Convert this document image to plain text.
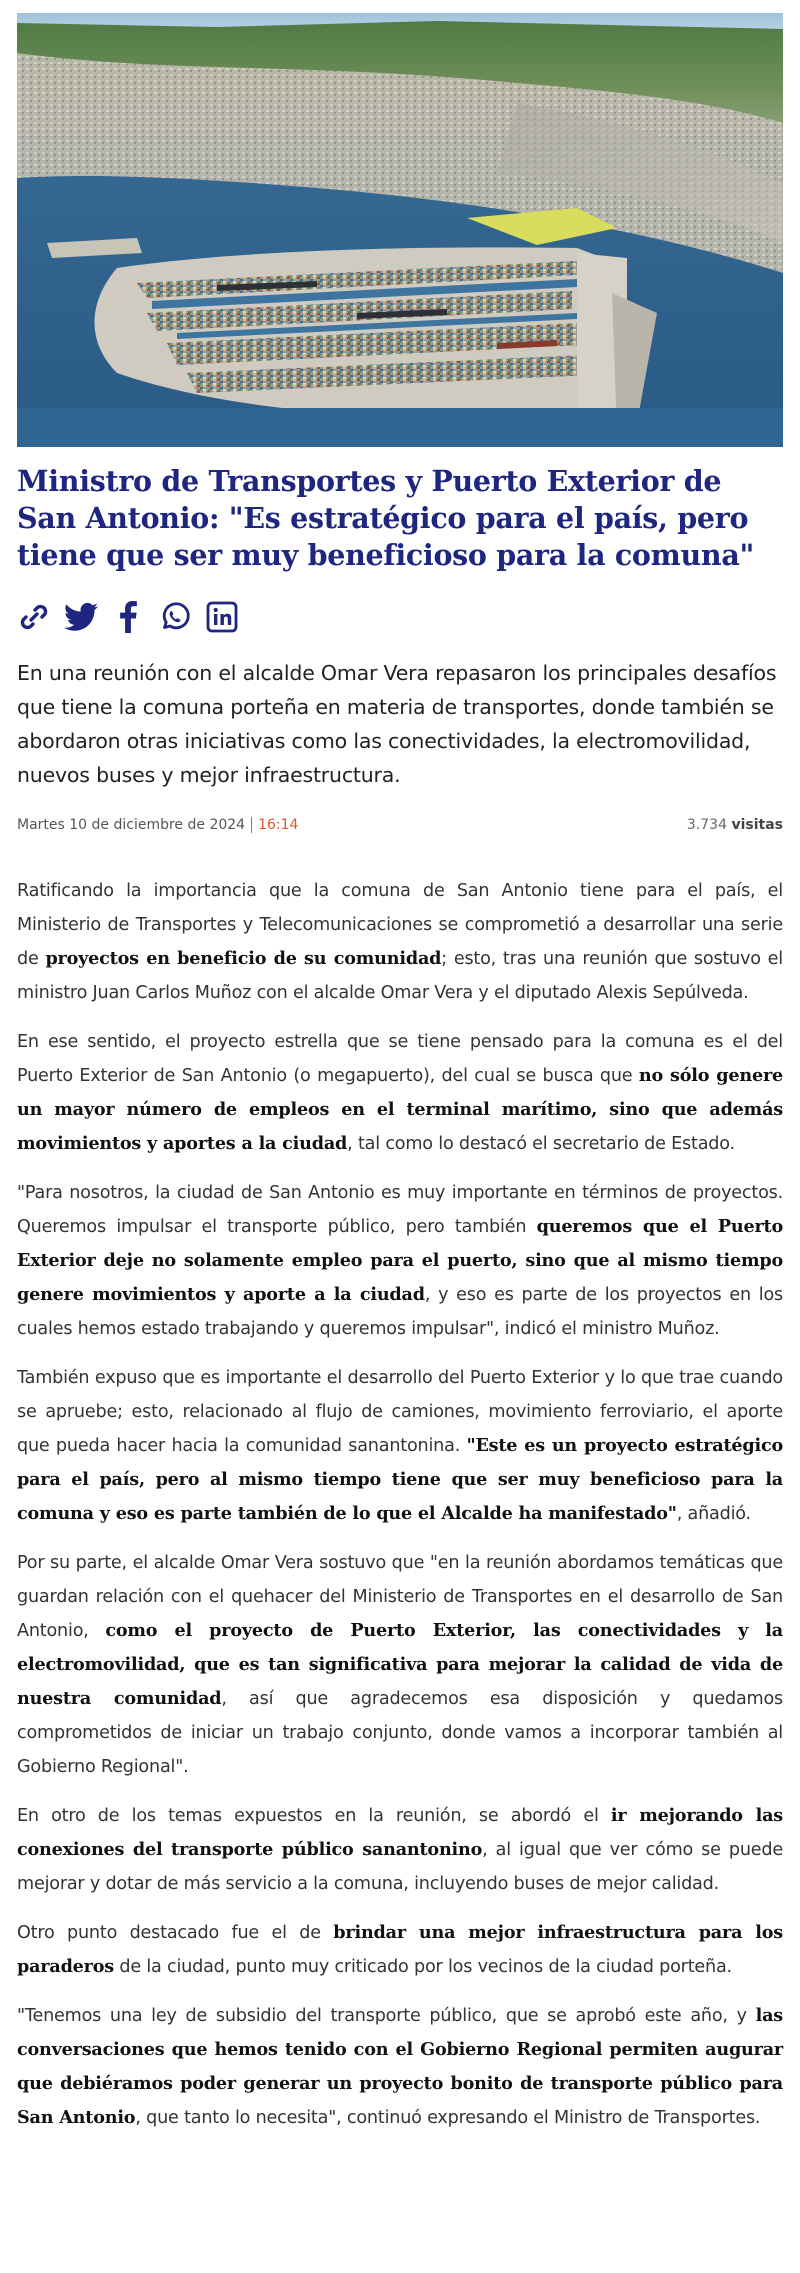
Ministro de Transportes y Puerto Exterior de San Antonio: "Es estratégico para el país, pero tiene que ser muy beneficioso para la comuna"
En una reunión con el alcalde Omar Vera repasaron los principales desafíos que tiene la comuna porteña en materia de transportes, donde también se abordaron otras iniciativas como las conectividades, la electromovilidad, nuevos buses y mejor infraestructura.
Martes 10 de diciembre de 2024 16:14	3.734 visitas

Ratificando la importancia que la comuna de San Antonio tiene para el país, el Ministerio de Transportes y Telecomunicaciones se comprometió a desarrollar una serie de proyectos en beneficio de su comunidad; esto, tras una reunión que sostuvo el ministro Juan Carlos Muñoz con el alcalde Omar Vera y el diputado Alexis Sepúlveda.

En ese sentido, el proyecto estrella que se tiene pensado para la comuna es el del Puerto Exterior de San Antonio (o megapuerto), del cual se busca que no sólo genere un mayor número de empleos en el terminal marítimo, sino que además movimientos y aportes a la ciudad, tal como lo destacó el secretario de Estado.

"Para nosotros, la ciudad de San Antonio es muy importante en términos de proyectos. Queremos impulsar el transporte público, pero también queremos que el Puerto Exterior deje no solamente empleo para el puerto, sino que al mismo tiempo genere movimientos y aporte a la ciudad, y eso es parte de los proyectos en los cuales hemos estado trabajando y queremos impulsar", indicó el ministro Muñoz.

También expuso que es importante el desarrollo del Puerto Exterior y lo que trae cuando se apruebe; esto, relacionado al flujo de camiones, movimiento ferroviario, el aporte que pueda hacer hacia la comunidad sanantonina. "Este es un proyecto estratégico para el país, pero al mismo tiempo tiene que ser muy beneficioso para la comuna y eso es parte también de lo que el Alcalde ha manifestado", añadió.

Por su parte, el alcalde Omar Vera sostuvo que "en la reunión abordamos temáticas que guardan relación con el quehacer del Ministerio de Transportes en el desarrollo de San Antonio, como el proyecto de Puerto Exterior, las conectividades y la electromovilidad, que es tan significativa para mejorar la calidad de vida de nuestra comunidad, así que agradecemos esa disposición y quedamos comprometidos de iniciar un trabajo conjunto, donde vamos a incorporar también al Gobierno Regional".

En otro de los temas expuestos en la reunión, se abordó el ir mejorando las conexiones del transporte público sanantonino, al igual que ver cómo se puede mejorar y dotar de más servicio a la comuna, incluyendo buses de mejor calidad.

Otro punto destacado fue el de brindar una mejor infraestructura para los paraderos de la ciudad, punto muy criticado por los vecinos de la ciudad porteña.

"Tenemos una ley de subsidio del transporte público, que se aprobó este año, y las conversaciones que hemos tenido con el Gobierno Regional permiten augurar que debiéramos poder generar un proyecto bonito de transporte público para San Antonio, que tanto lo necesita", continuó expresando el Ministro de Transportes.
